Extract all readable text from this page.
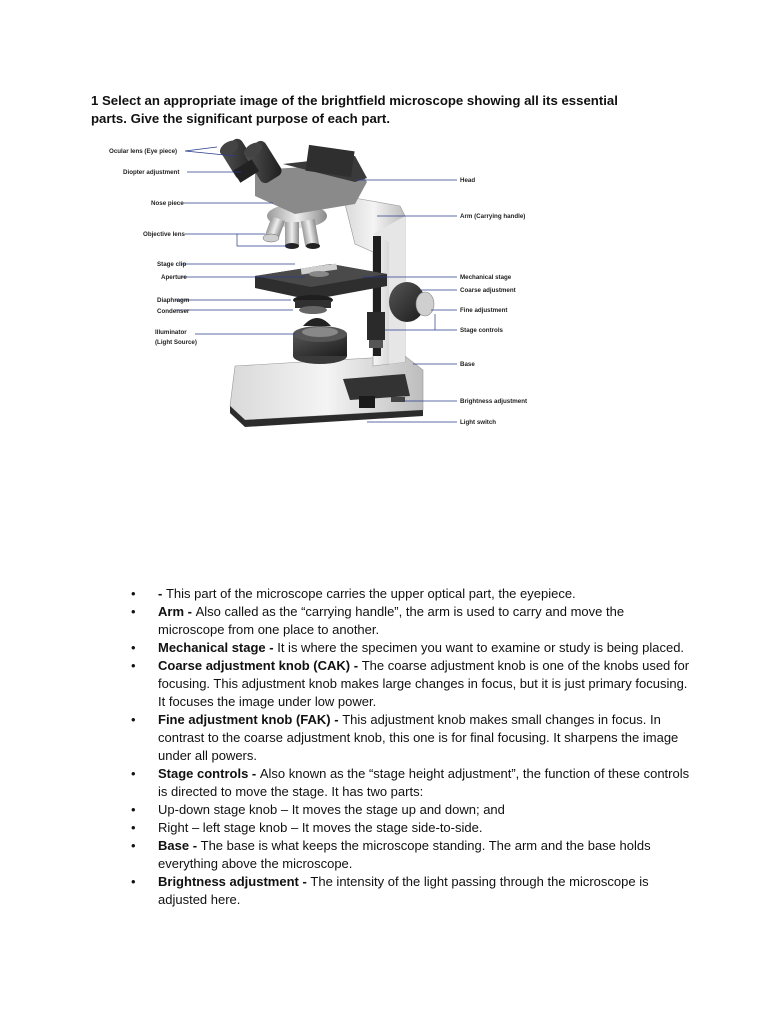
1 Select an appropriate image of the brightfield microscope showing all its essential
parts. Give the significant purpose of each part.
Ocular lens (Eye piece)
Diopter adjustment
Nose piece
Objective lens
Stage clip
Aperture
Diaphragm
Condenser
Illuminator
(Light Source)
Head
Arm (Carrying handle)
Mechanical stage
Coarse adjustment
Fine adjustment
Stage controls
Base
Brightness adjustment
Light switch
• - This part of the microscope carries the upper optical part, the eyepiece.
• Arm - Also called as the “carrying handle”, the arm is used to carry and move the microscope from one place to another.
• Mechanical stage - It is where the specimen you want to examine or study is being placed.
• Coarse adjustment knob (CAK) - The coarse adjustment knob is one of the knobs used for focusing. This adjustment knob makes large changes in focus, but it is just primary focusing. It focuses the image under low power.
• Fine adjustment knob (FAK) - This adjustment knob makes small changes in focus. In contrast to the coarse adjustment knob, this one is for final focusing. It sharpens the image under all powers.
• Stage controls - Also known as the “stage height adjustment”, the function of these controls is directed to move the stage. It has two parts:
• Up-down stage knob – It moves the stage up and down; and
• Right – left stage knob – It moves the stage side-to-side.
• Base - The base is what keeps the microscope standing. The arm and the base holds everything above the microscope.
• Brightness adjustment - The intensity of the light passing through the microscope is adjusted here.
